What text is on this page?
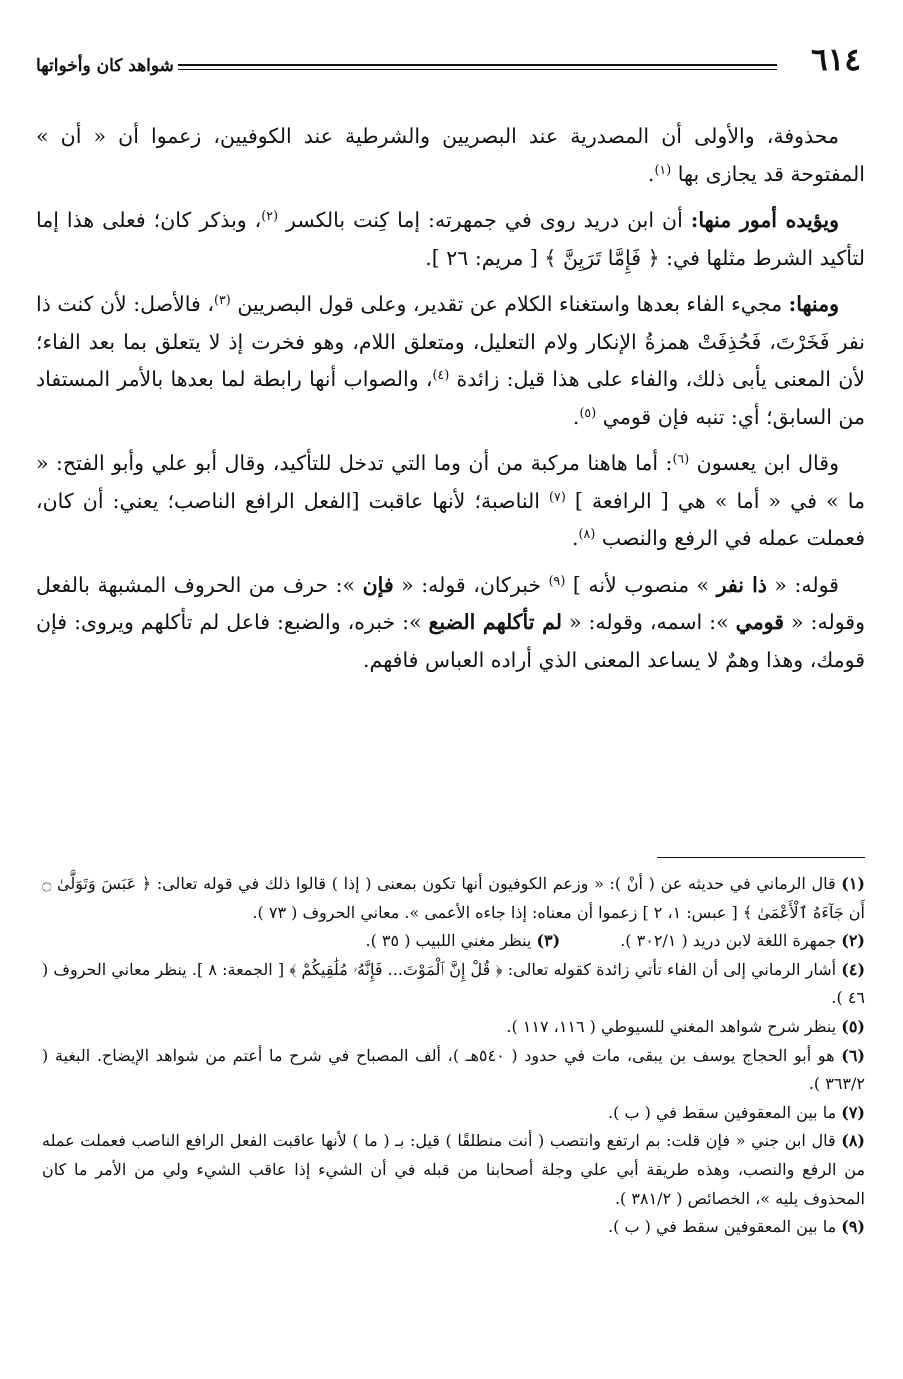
٦١٤
شواهد كان وأخواتها

محذوفة، والأولى أن المصدرية عند البصريين والشرطية عند الكوفيين، زعموا أن « أن » المفتوحة قد يجازى بها $^{(١)}$.

ويؤيده أمور منها: أن ابن دريد روى في جمهرته: إما كِنت بالكسر $^{(٢)}$، وبذكر كان؛ فعلى هذا إما لتأكيد الشرط مثلها في: ﴿ فَإِمَّا تَرَيِنَّ ﴾ [ مريم: ٢٦ ].

ومنها: مجيء الفاء بعدها واستغناء الكلام عن تقدير، وعلى قول البصريين $^{(٣)}$، فالأصل: لأن كنت ذا نفر فَخَرْتَ، فَحُذِفَتْ همزةُ الإنكار ولام التعليل، ومتعلق اللام، وهو فخرت إذ لا يتعلق بما بعد الفاء؛ لأن المعنى يأبى ذلك، والفاء على هذا قيل: زائدة $^{(٤)}$، والصواب أنها رابطة لما بعدها بالأمر المستفاد من السابق؛ أي: تنبه فإن قومي $^{(٥)}$.

وقال ابن يعسون $^{(٦)}$: أما هاهنا مركبة من أن وما التي تدخل للتأكيد، وقال أبو علي وأبو الفتح: « ما » في « أما » هي [ الرافعة ] $^{(٧)}$ الناصبة؛ لأنها عاقبت [الفعل الرافع الناصب؛ يعني: أن كان، فعملت عمله في الرفع والنصب $^{(٨)}$.

قوله: « ذا نفر » منصوب لأنه ] $^{(٩)}$ خبركان، قوله: « فإن »: حرف من الحروف المشبهة بالفعل وقوله: « قومي »: اسمه، وقوله: « لم تأكلهم الضبع »: خبره، والضبع: فاعل لم تأكلهم ويروى: فإن قومك، وهذا وهمٌ لا يساعد المعنى الذي أراده العباس فافهم.

(١) قال الرماني في حديثه عن ( أنْ ): « وزعم الكوفيون أنها تكون بمعنى ( إذا ) قالوا ذلك في قوله تعالى: ﴿ عَبَسَ وَتَوَلَّىٰ ۝ أَن جَآءَهُ ٱلْأَعْمَىٰ ﴾ [ عبس: ١، ٢ ] زعموا أن معناه: إذا جاءه الأعمى ». معاني الحروف ( ٧٣ ).

(٢) جمهرة اللغة لابن دريد ( ٣٠٢/١ ).

(٣) ينظر مغني اللبيب ( ٣٥ ).

(٤) أشار الرماني إلى أن الفاء تأتي زائدة كقوله تعالى: ﴿ قُلْ إِنَّ ٱلْمَوْتَ... فَإِنَّهُۥ مُلَٰقِيكُمْ ﴾ [ الجمعة: ٨ ]. ينظر معاني الحروف ( ٤٦ ).

(٥) ينظر شرح شواهد المغني للسيوطي ( ١١٦، ١١٧ ).

(٦) هو أبو الحجاج يوسف بن يبقى، مات في حدود ( ٥٤٠هـ )، ألف المصباح في شرح ما أعتم من شواهد الإيضاح. البغية ( ٣٦٣/٢ ).

(٧) ما بين المعقوفين سقط في ( ب ).

(٨) قال ابن جني « فإن قلت: بم ارتفع وانتصب ( أنت منطلقًا ) قيل: بـ ( ما ) لأنها عاقبت الفعل الرافع الناصب فعملت عمله من الرفع والنصب، وهذه طريقة أبي علي وجلة أصحابنا من قبله في أن الشيء إذا عاقب الشيء ولي من الأمر ما كان المحذوف يليه »، الخصائص ( ٣٨١/٢ ).

(٩) ما بين المعقوفين سقط في ( ب ).
